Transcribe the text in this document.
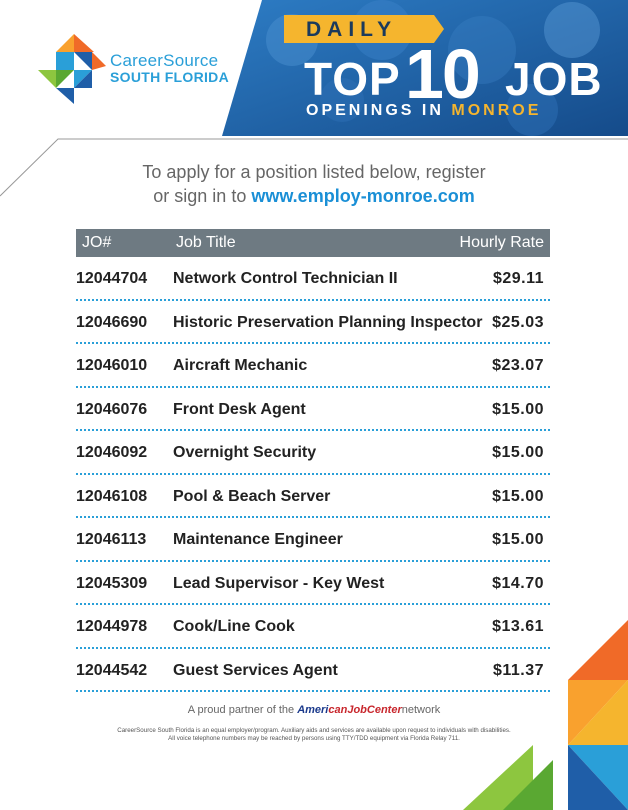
CareerSource
SOUTH FLORIDA
DAILY
TOP 10 JOB
OPENINGS IN MONROE
To apply for a position listed below, register
or sign in to www.employ-monroe.com
JO#	Job Title	Hourly Rate
12044704 Network Control Technician II	$29.11
12046690 Historic Preservation Planning Inspector $25.03
12046010 Aircraft Mechanic	$23.07
12046076 Front Desk Agent	$15.00
12046092 Overnight Security	$15.00
12046108 Pool & Beach Server	$15.00
12046113 Maintenance Engineer	$15.00
12045309 Lead Supervisor - Key West	$14.70
12044978 Cook/Line Cook	$13.61
12044542 Guest Services Agent	$11.37
A proud partner of the AmericanJobCenternetwork
CareerSource South Florida is an equal employer/program. Auxiliary aids and services are available upon request to individuals with disabilities.
All voice telephone numbers may be reached by persons using TTY/TDD equipment via Florida Relay 711.
